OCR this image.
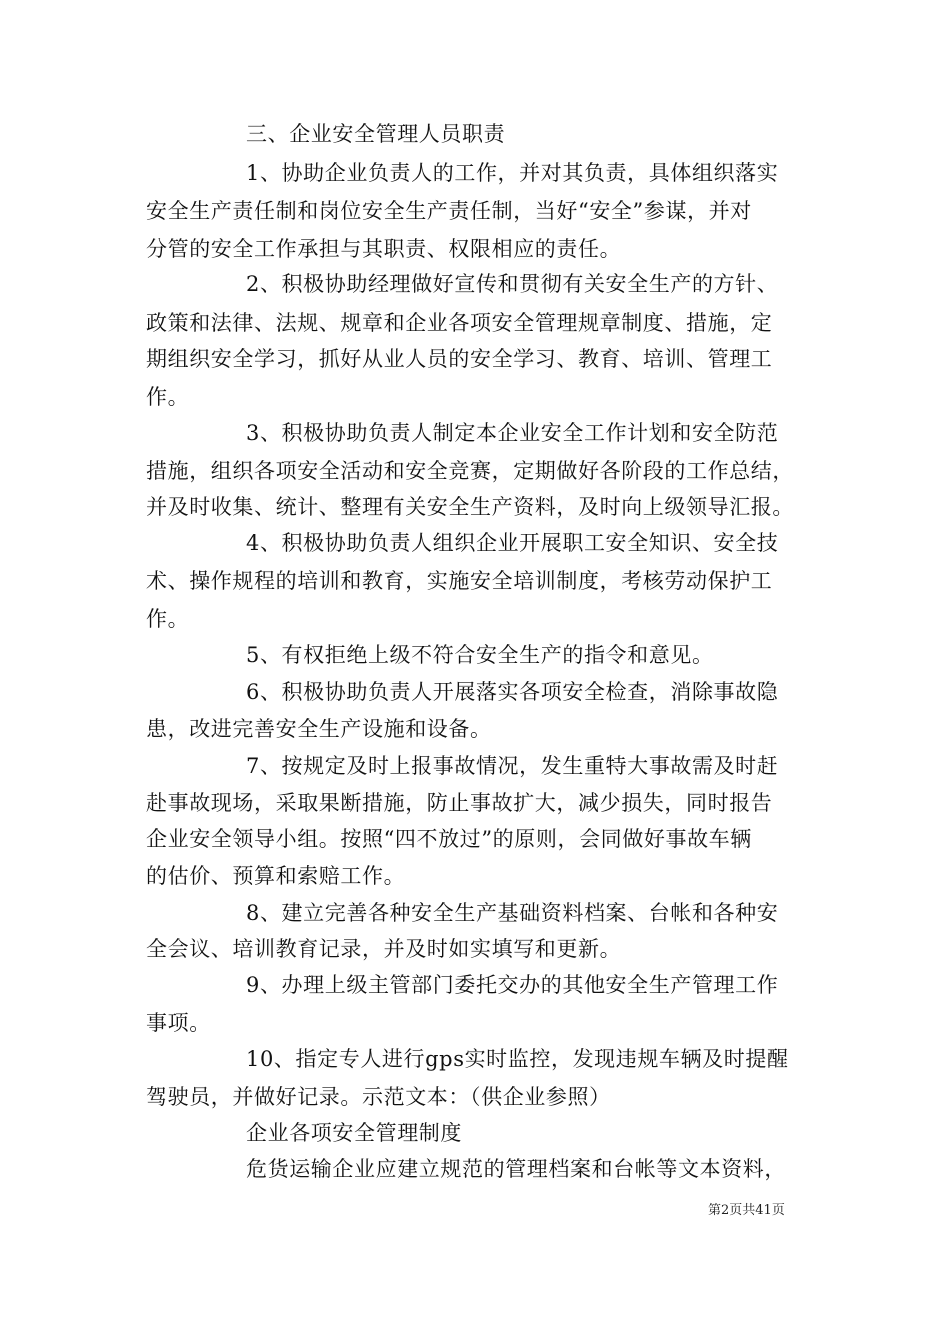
三、企业安全管理人员职责
1、协助企业负责人的工作，并对其负责，具体组织落实
安全生产责任制和岗位安全生产责任制，当好“安全”参谋，并对
分管的安全工作承担与其职责、权限相应的责任。
2、积极协助经理做好宣传和贯彻有关安全生产的方针、
政策和法律、法规、规章和企业各项安全管理规章制度、措施，定
期组织安全学习，抓好从业人员的安全学习、教育、培训、管理工
作。
3、积极协助负责人制定本企业安全工作计划和安全防范
措施，组织各项安全活动和安全竞赛，定期做好各阶段的工作总结，
并及时收集、统计、整理有关安全生产资料，及时向上级领导汇报。
4、积极协助负责人组织企业开展职工安全知识、安全技
术、操作规程的培训和教育，实施安全培训制度，考核劳动保护工
作。
5、有权拒绝上级不符合安全生产的指令和意见。
6、积极协助负责人开展落实各项安全检查，消除事故隐
患，改进完善安全生产设施和设备。
7、按规定及时上报事故情况，发生重特大事故需及时赶
赴事故现场，采取果断措施，防止事故扩大，减少损失，同时报告
企业安全领导小组。按照“四不放过”的原则，会同做好事故车辆
的估价、预算和索赔工作。
8、建立完善各种安全生产基础资料档案、台帐和各种安
全会议、培训教育记录，并及时如实填写和更新。
9、办理上级主管部门委托交办的其他安全生产管理工作
事项。
10、指定专人进行gps实时监控，发现违规车辆及时提醒
驾驶员，并做好记录。示范文本：（供企业参照）
企业各项安全管理制度
危货运输企业应建立规范的管理档案和台帐等文本资料，
第2页共41页
